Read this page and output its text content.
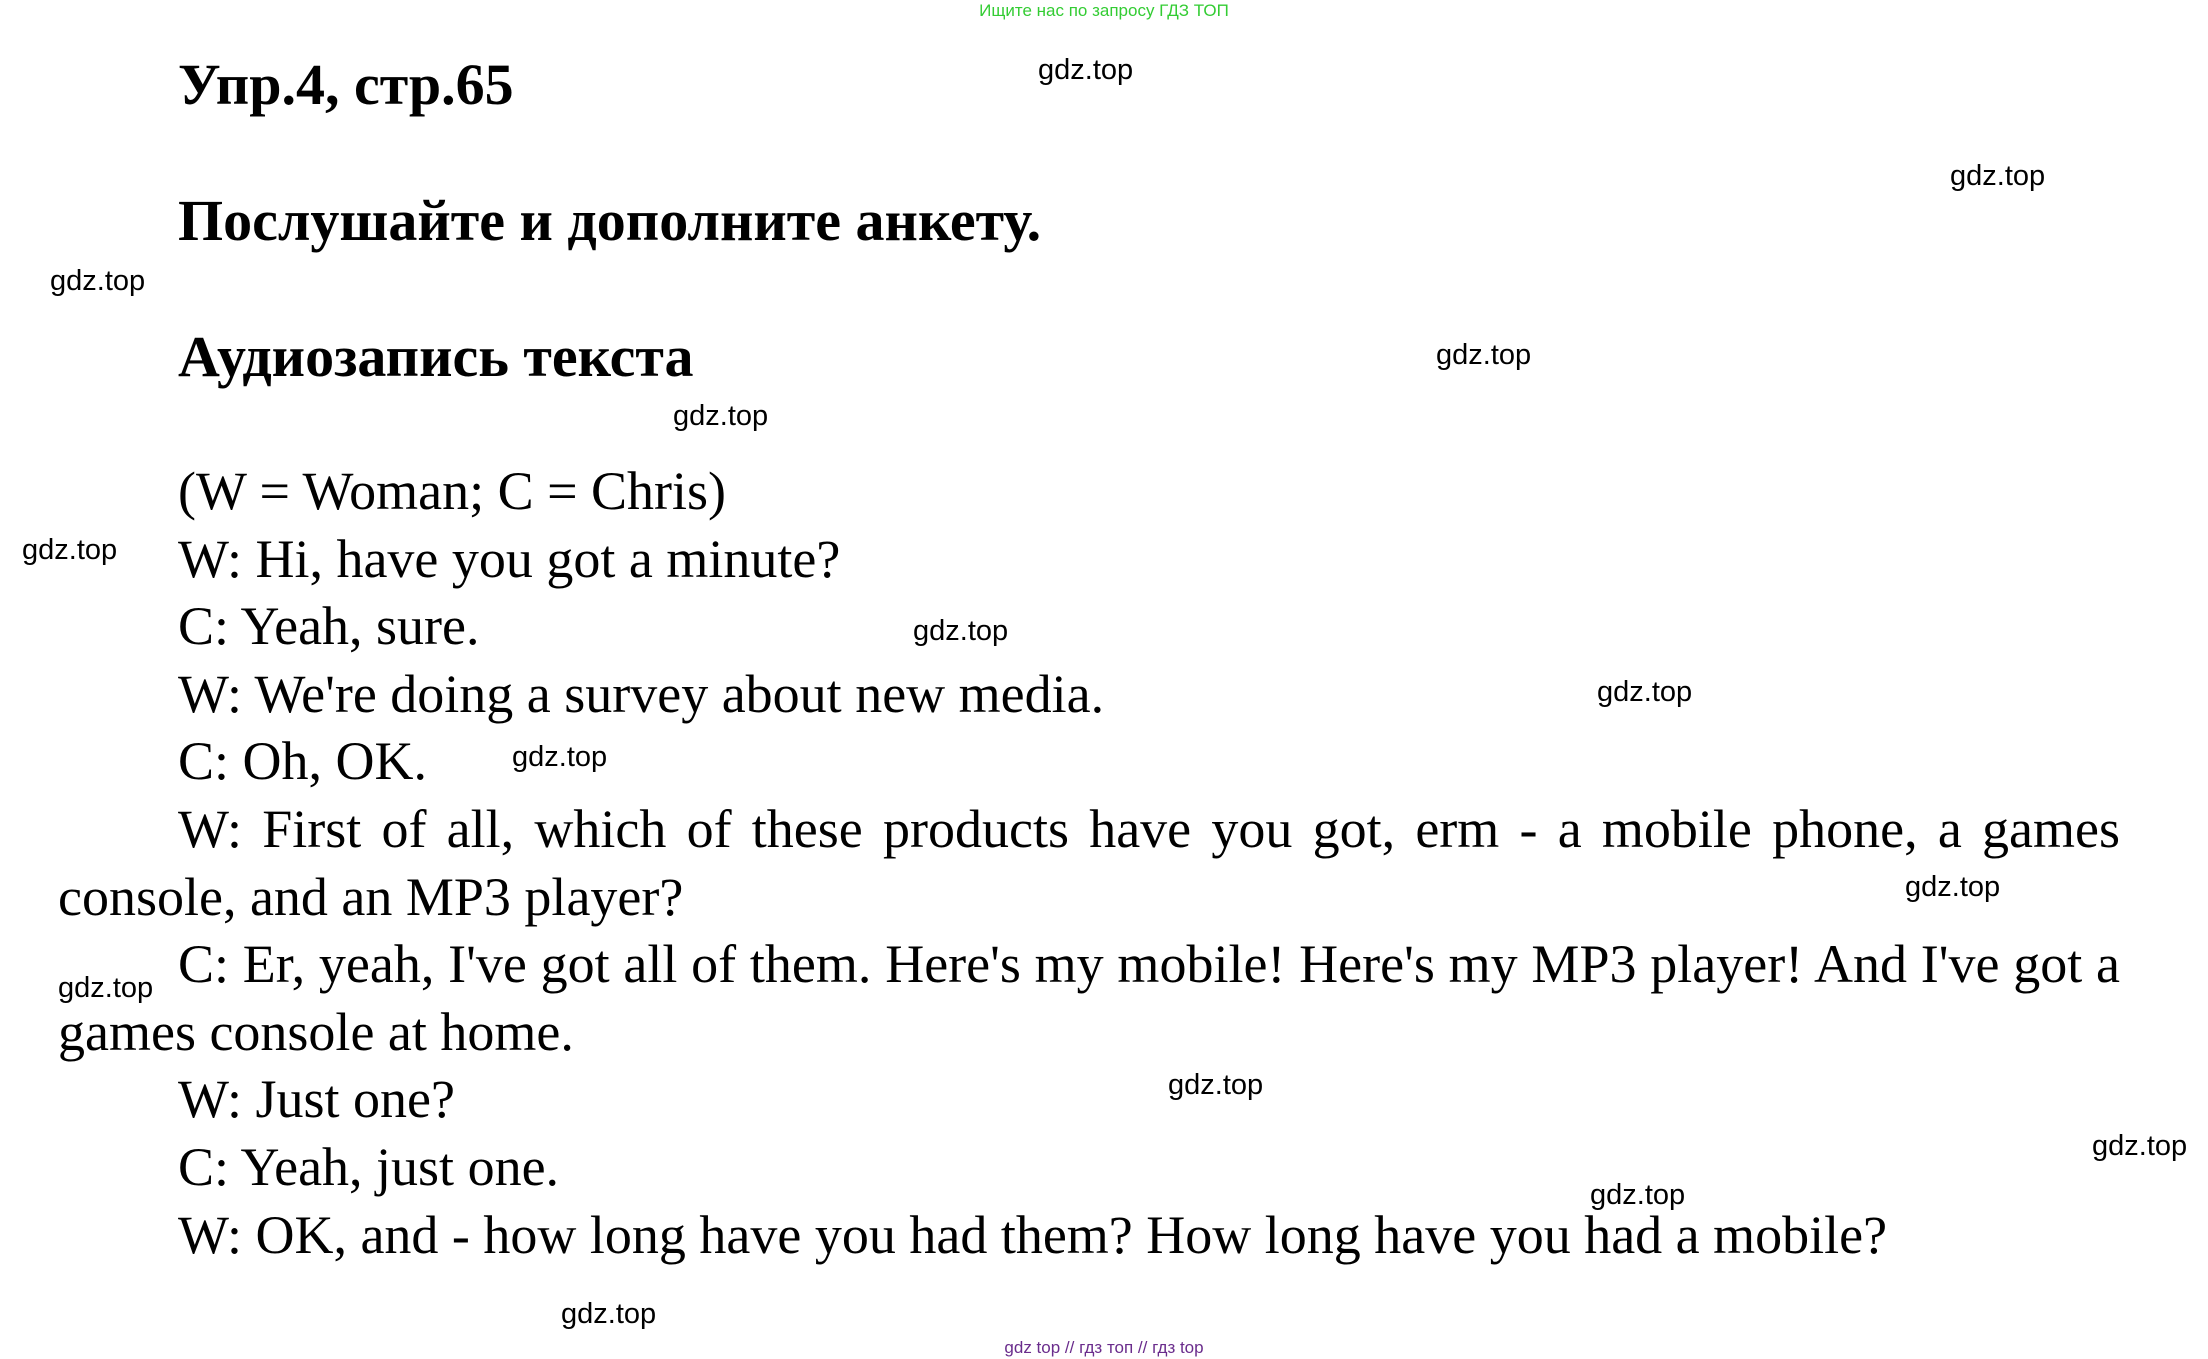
Ищите нас по запросу ГДЗ ТОП
Упр.4, стр.65
Послушайте и дополните анкету.
Аудиозапись текста

(W = Woman; C = Chris)

W: Hi, have you got a minute?

C: Yeah, sure.

W: We're doing a survey about new media.

C: Oh, OK.

W: First of all, which of these products have you got, erm - a mobile phone, a games console, and an MP3 player?

C: Er, yeah, I've got all of them. Here's my mobile! Here's my MP3 player! And I've got a games console at home.

W: Just one?

C: Yeah, just one.

W: OK, and - how long have you had them? How long have you had a mobile?

gdz.top
gdz.top
gdz.top
gdz.top
gdz.top
gdz.top
gdz.top
gdz.top
gdz.top
gdz.top
gdz.top
gdz.top
gdz.top
gdz.top
gdz.top
gdz top // гдз топ // гдз top
